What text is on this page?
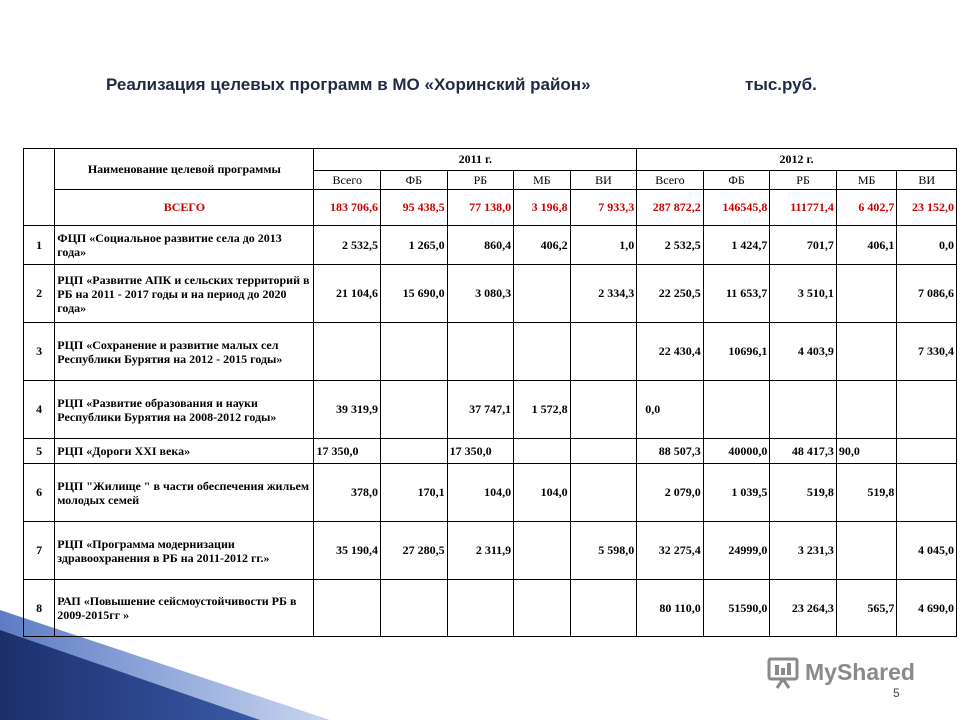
Реализация целевых программ в МО «Хоринский район»	тыс.руб.
	Наименование целевой программы	2011 г.					2012 г.				
		Всего	ФБ	РБ	МБ	ВИ	Всего	ФБ	РБ	МБ	ВИ
	ВСЕГО	183 706,6	95 438,5	77 138,0	3 196,8	7 933,3	287 872,2	146545,8	111771,4	6 402,7	23 152,0
1	ФЦП «Социальное развитие села до 2013 года»	2 532,5	1 265,0	860,4	406,2	1,0	2 532,5	1 424,7	701,7	406,1	0,0
2	РЦП «Развитие АПК и сельских территорий в РБ на 2011 - 2017 годы и на период до 2020 года»	21 104,6	15 690,0	3 080,3		2 334,3	22 250,5	11 653,7	3 510,1		7 086,6
3	РЦП «Сохранение и развитие малых сел Республики Бурятия на 2012 - 2015 годы»						22 430,4	10696,1	4 403,9		7 330,4
4	РЦП «Развитие образования и науки Республики Бурятия на 2008-2012 годы»	39 319,9		37 747,1	1 572,8		0,0				
5	РЦП «Дороги XXI века»	17 350,0		17 350,0			88 507,3	40000,0	48 417,3	90,0	
6	РЦП "Жилище " в части обеспечения жильем молодых семей	378,0	170,1	104,0	104,0		2 079,0	1 039,5	519,8	519,8	
7	РЦП «Программа модернизации здравоохранения в РБ на 2011-2012 гг.»	35 190,4	27 280,5	2 311,9		5 598,0	32 275,4	24999,0	3 231,3		4 045,0
8	РАП «Повышение сейсмоустойчивости РБ в 2009-2015гг »						80 110,0	51590,0	23 264,3	565,7	4 690,0
MyShared
5
